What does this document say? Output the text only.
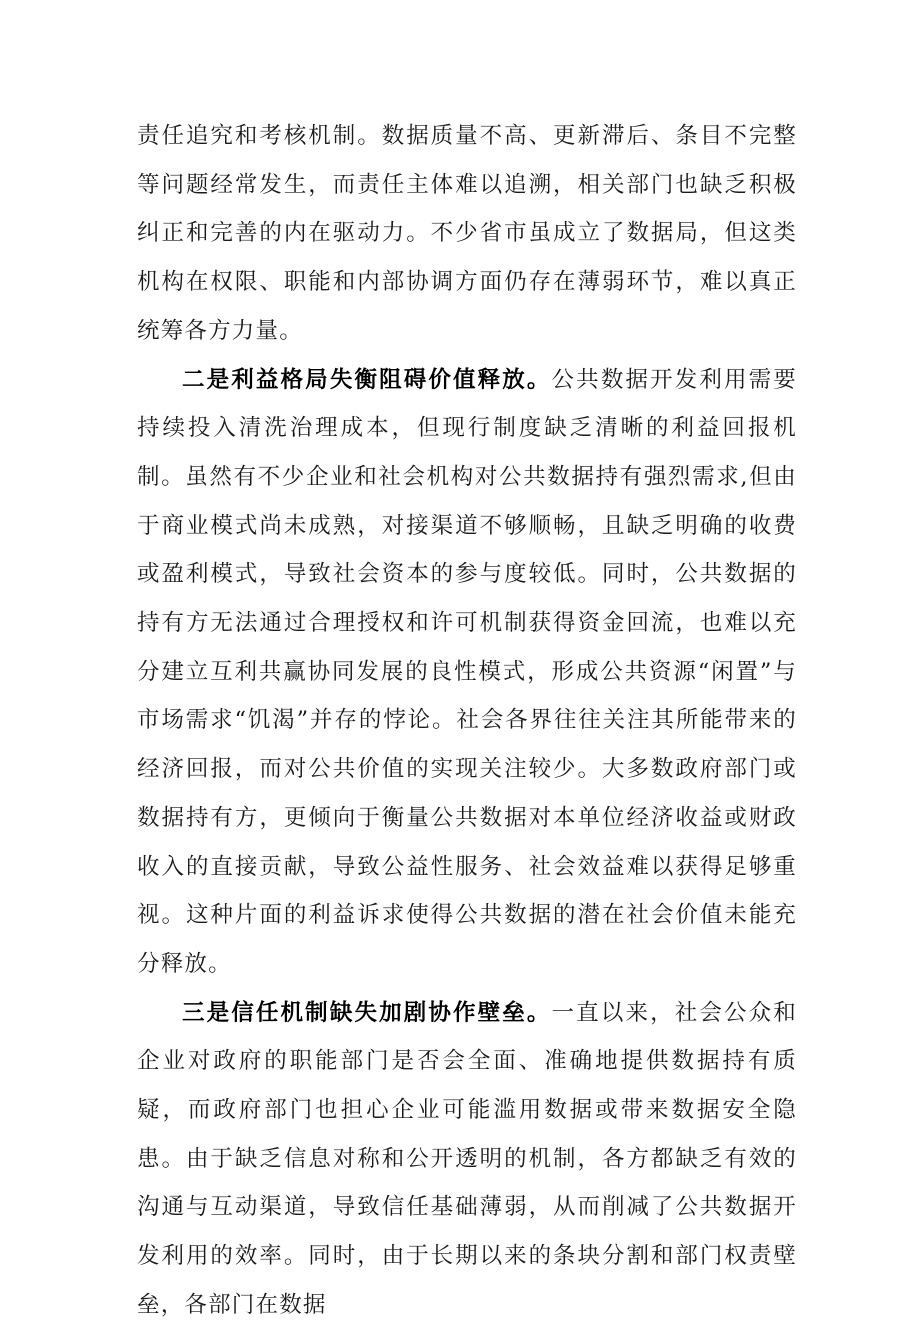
责任追究和考核机制。数据质量不高、更新滞后、条目不完整等问题经常发生，而责任主体难以追溯，相关部门也缺乏积极纠正和完善的内在驱动力。不少省市虽成立了数据局，但这类机构在权限、职能和内部协调方面仍存在薄弱环节，难以真正统筹各方力量。

二是利益格局失衡阻碍价值释放。公共数据开发利用需要持续投入清洗治理成本，但现行制度缺乏清晰的利益回报机制。虽然有不少企业和社会机构对公共数据持有强烈需求,但由于商业模式尚未成熟，对接渠道不够顺畅，且缺乏明确的收费或盈利模式，导致社会资本的参与度较低。同时，公共数据的持有方无法通过合理授权和许可机制获得资金回流，也难以充分建立互利共赢协同发展的良性模式，形成公共资源“闲置”与市场需求“饥渴”并存的悖论。社会各界往往关注其所能带来的经济回报，而对公共价值的实现关注较少。大多数政府部门或数据持有方，更倾向于衡量公共数据对本单位经济收益或财政收入的直接贡献，导致公益性服务、社会效益难以获得足够重视。这种片面的利益诉求使得公共数据的潜在社会价值未能充分释放。

三是信任机制缺失加剧协作壁垒。一直以来，社会公众和企业对政府的职能部门是否会全面、准确地提供数据持有质疑，而政府部门也担心企业可能滥用数据或带来数据安全隐患。由于缺乏信息对称和公开透明的机制，各方都缺乏有效的沟通与互动渠道，导致信任基础薄弱，从而削减了公共数据开发利用的效率。同时，由于长期以来的条块分割和部门权责壁垒，各部门在数据
